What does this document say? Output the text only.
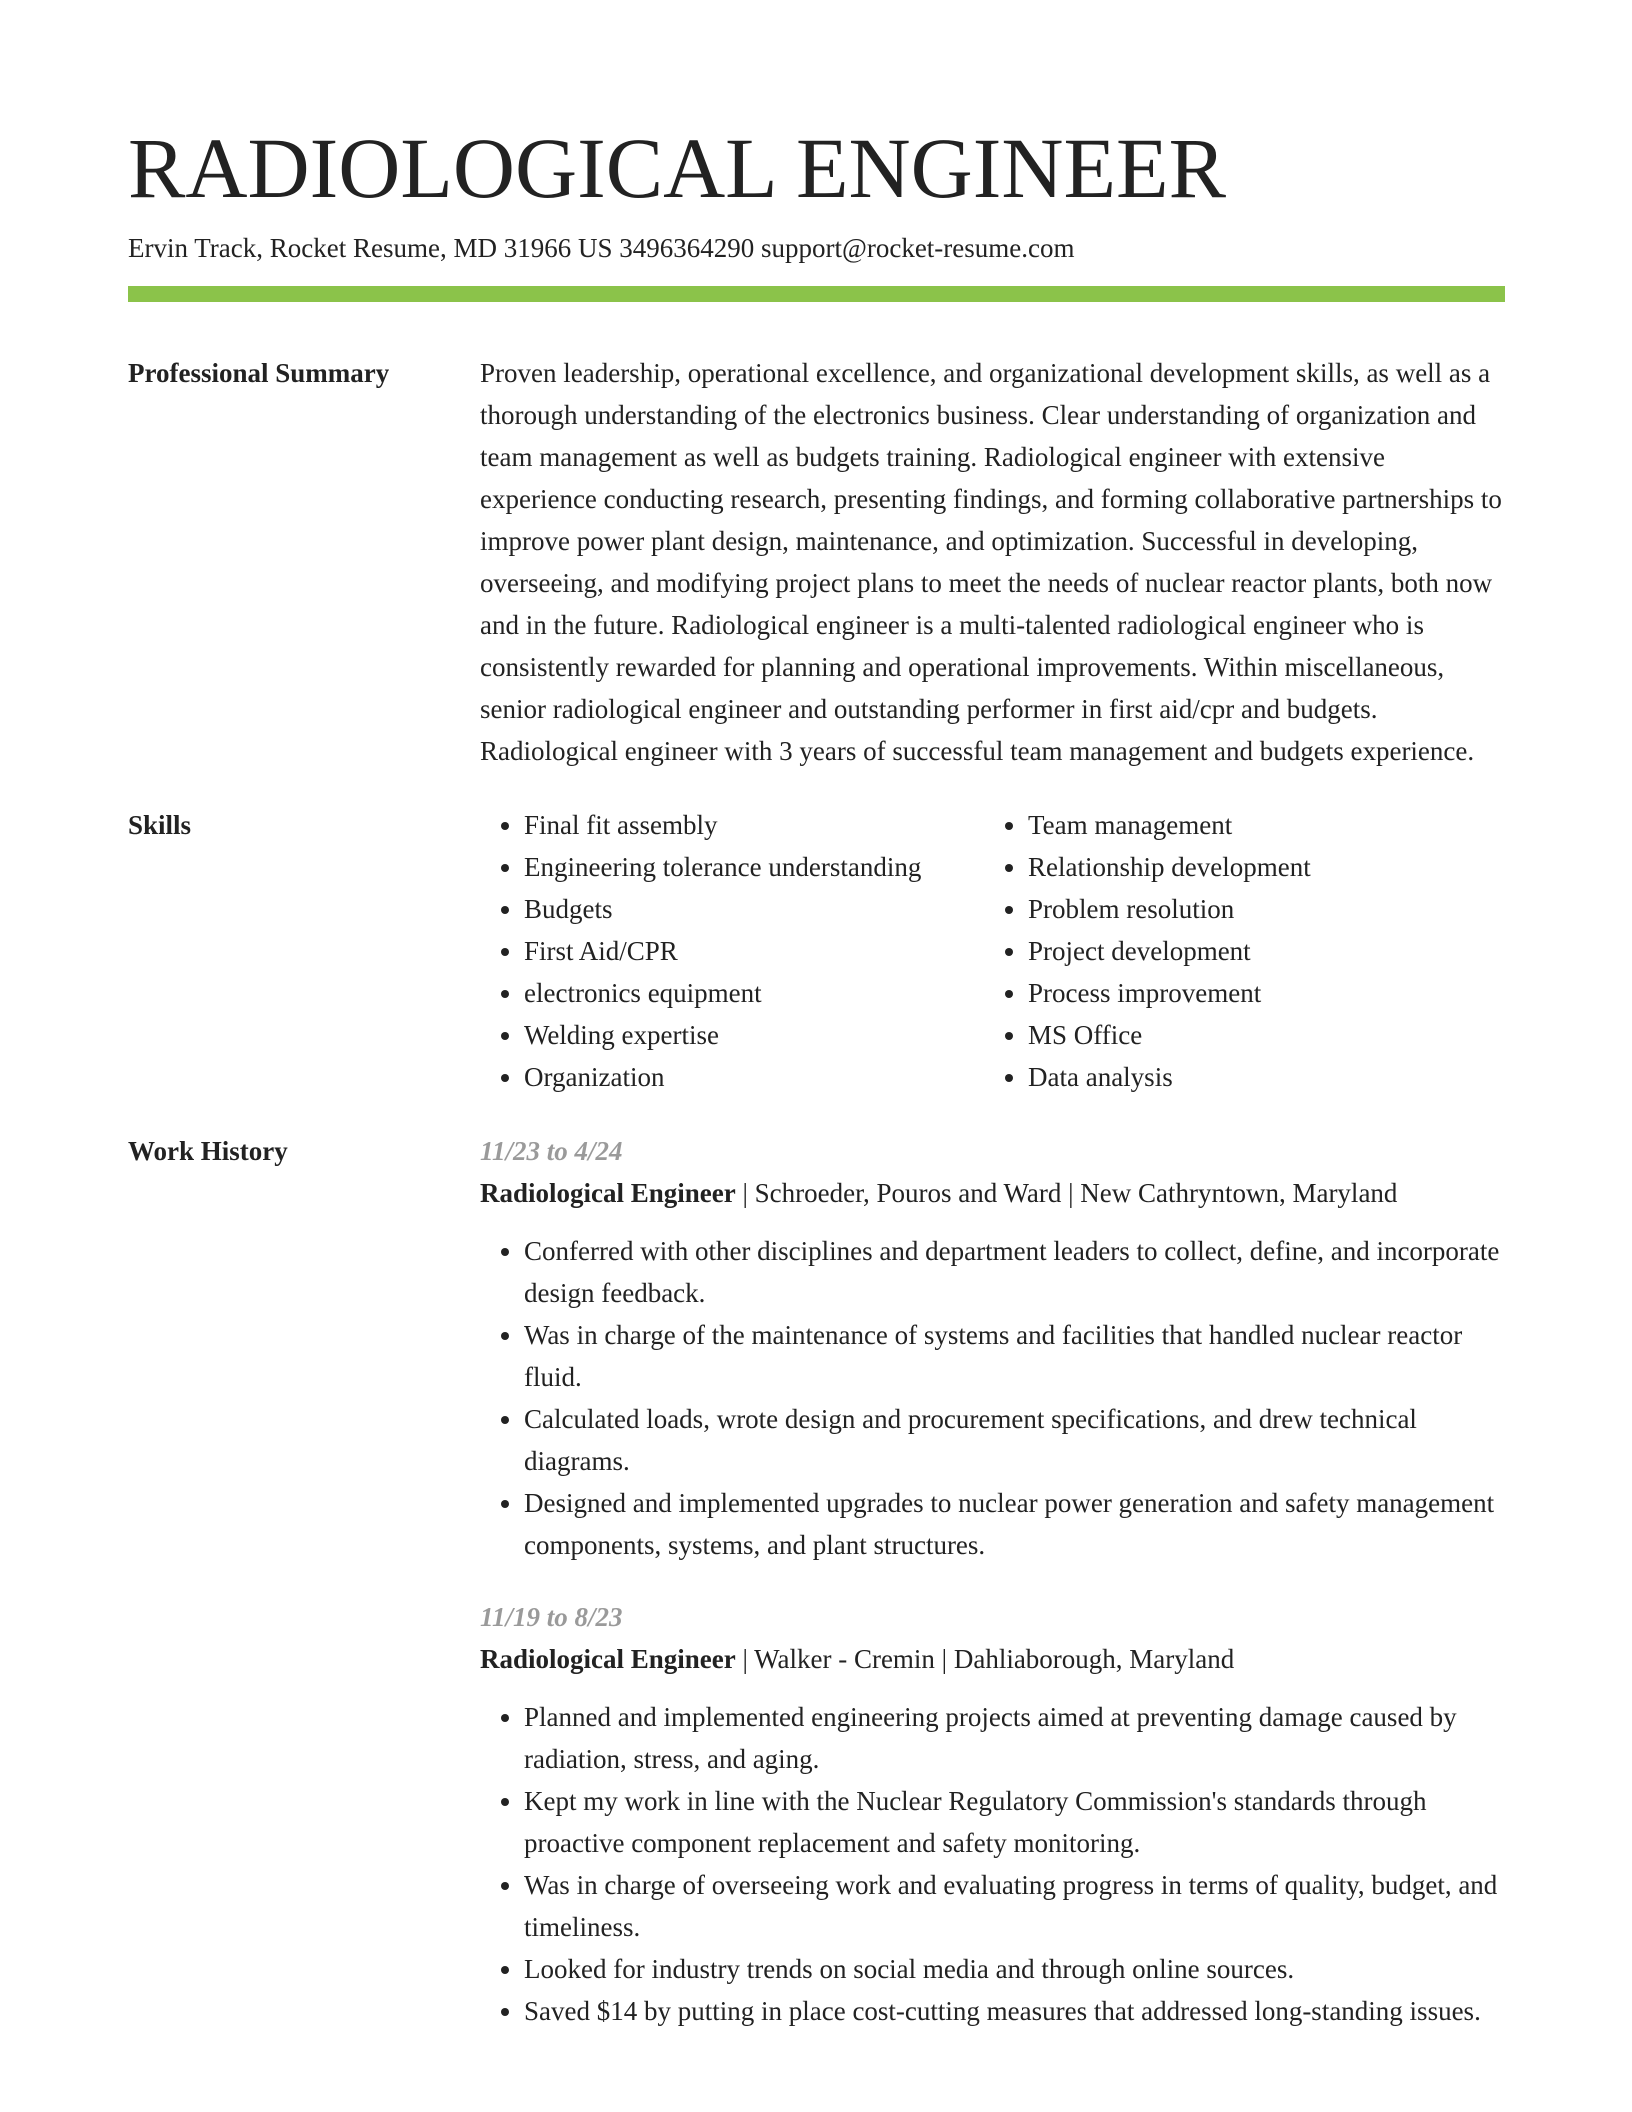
RADIOLOGICAL ENGINEER
Ervin Track, Rocket Resume, MD 31966 US 3496364290 support@rocket-resume.com
Professional Summary	Proven leadership, operational excellence, and organizational development skills, as well as a thorough understanding of the electronics business. Clear understanding of organization and team management as well as budgets training. Radiological engineer with extensive experience conducting research, presenting findings, and forming collaborative partnerships to improve power plant design, maintenance, and optimization. Successful in developing, overseeing, and modifying project plans to meet the needs of nuclear reactor plants, both now and in the future. Radiological engineer is a multi-talented radiological engineer who is consistently rewarded for planning and operational improvements. Within miscellaneous, senior radiological engineer and outstanding performer in first aid/cpr and budgets. Radiological engineer with 3 years of successful team management and budgets experience.
Skills
•	Final fit assembly
• Engineering tolerance understanding
• Budgets
• First Aid/CPR
• electronics equipment
• Welding expertise
• Organization
• Team management
• Relationship development
• Problem resolution
• Project development
• Process improvement
• MS Office
• Data analysis
Work History	11/23 to 4/24
Radiological Engineer | Schroeder, Pouros and Ward | New Cathryntown, Maryland
• Conferred with other disciplines and department leaders to collect, define, and incorporate design feedback.
• Was in charge of the maintenance of systems and facilities that handled nuclear reactor fluid.
• Calculated loads, wrote design and procurement specifications, and drew technical diagrams.
• Designed and implemented upgrades to nuclear power generation and safety management components, systems, and plant structures.
11/19 to 8/23
Radiological Engineer | Walker - Cremin | Dahliaborough, Maryland
• Planned and implemented engineering projects aimed at preventing damage caused by radiation, stress, and aging.
• Kept my work in line with the Nuclear Regulatory Commission's standards through proactive component replacement and safety monitoring.
• Was in charge of overseeing work and evaluating progress in terms of quality, budget, and timeliness.
• Looked for industry trends on social media and through online sources.
• Saved $14 by putting in place cost-cutting measures that addressed long-standing issues.
